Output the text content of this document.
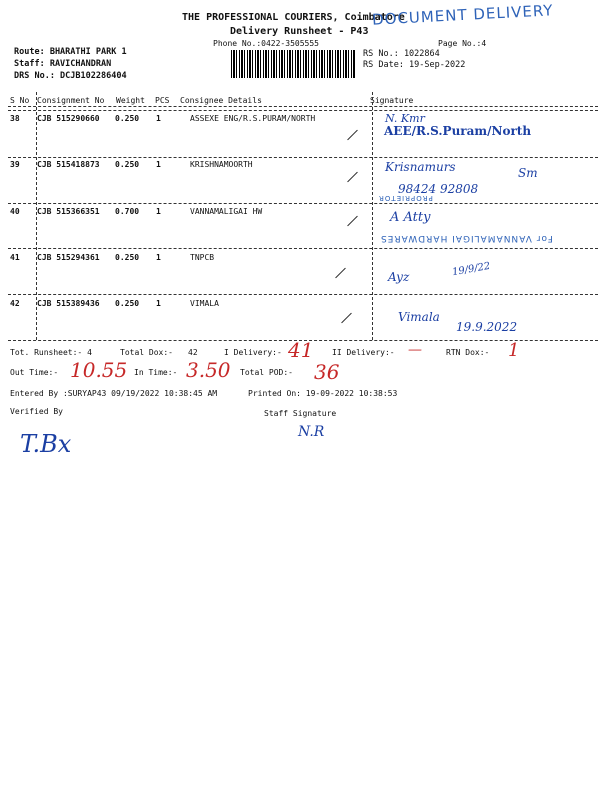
THE PROFESSIONAL COURIERS, Coimbatore
Delivery Runsheet - P43
DOCUMENT DELIVERY
Phone No.:0422-3505555	Page No.:4
Route: BHARATHI PARK 1
Staff: RAVICHANDRAN
DRS No.: DCJB102286404
RS No.: 1022864
RS Date: 19-Sep-2022
S No Consignment No Weight PCS Consignee Details	Signature
38 CJB 515290660 0.250 1	ASSEXE ENG/R.S.PURAM/NORTH	N. Kmr
AEE/R.S.Puram/North
39 CJB 515418873 0.250 1	KRISHNAMOORTH	Krisnamurs	Sm
98424 92808
PROPRIETOR
40 CJB 515366351 0.700 1	VANNAMALIGAI HW	A Atty
For VANNAMALIGAI HARDWARES
41 CJB 515294361 0.250 1	TNPCB
Ayz	19/9/22
42 CJB 515389436 0.250 1	VIMALA
Vimala
19.9.2022
Tot. Runsheet:- 4	Total Dox:- 42	I Delivery:- 41 II Delivery:- —	RTN Dox:- 1
Out Time:- 10.55 In Time:- 3.50 Total POD:- 36
Entered By :SURYAP43 09/19/2022 10:38:45 AM	Printed On: 19-09-2022 10:38:53
Verified By	Staff Signature
T.Bx	N.R
